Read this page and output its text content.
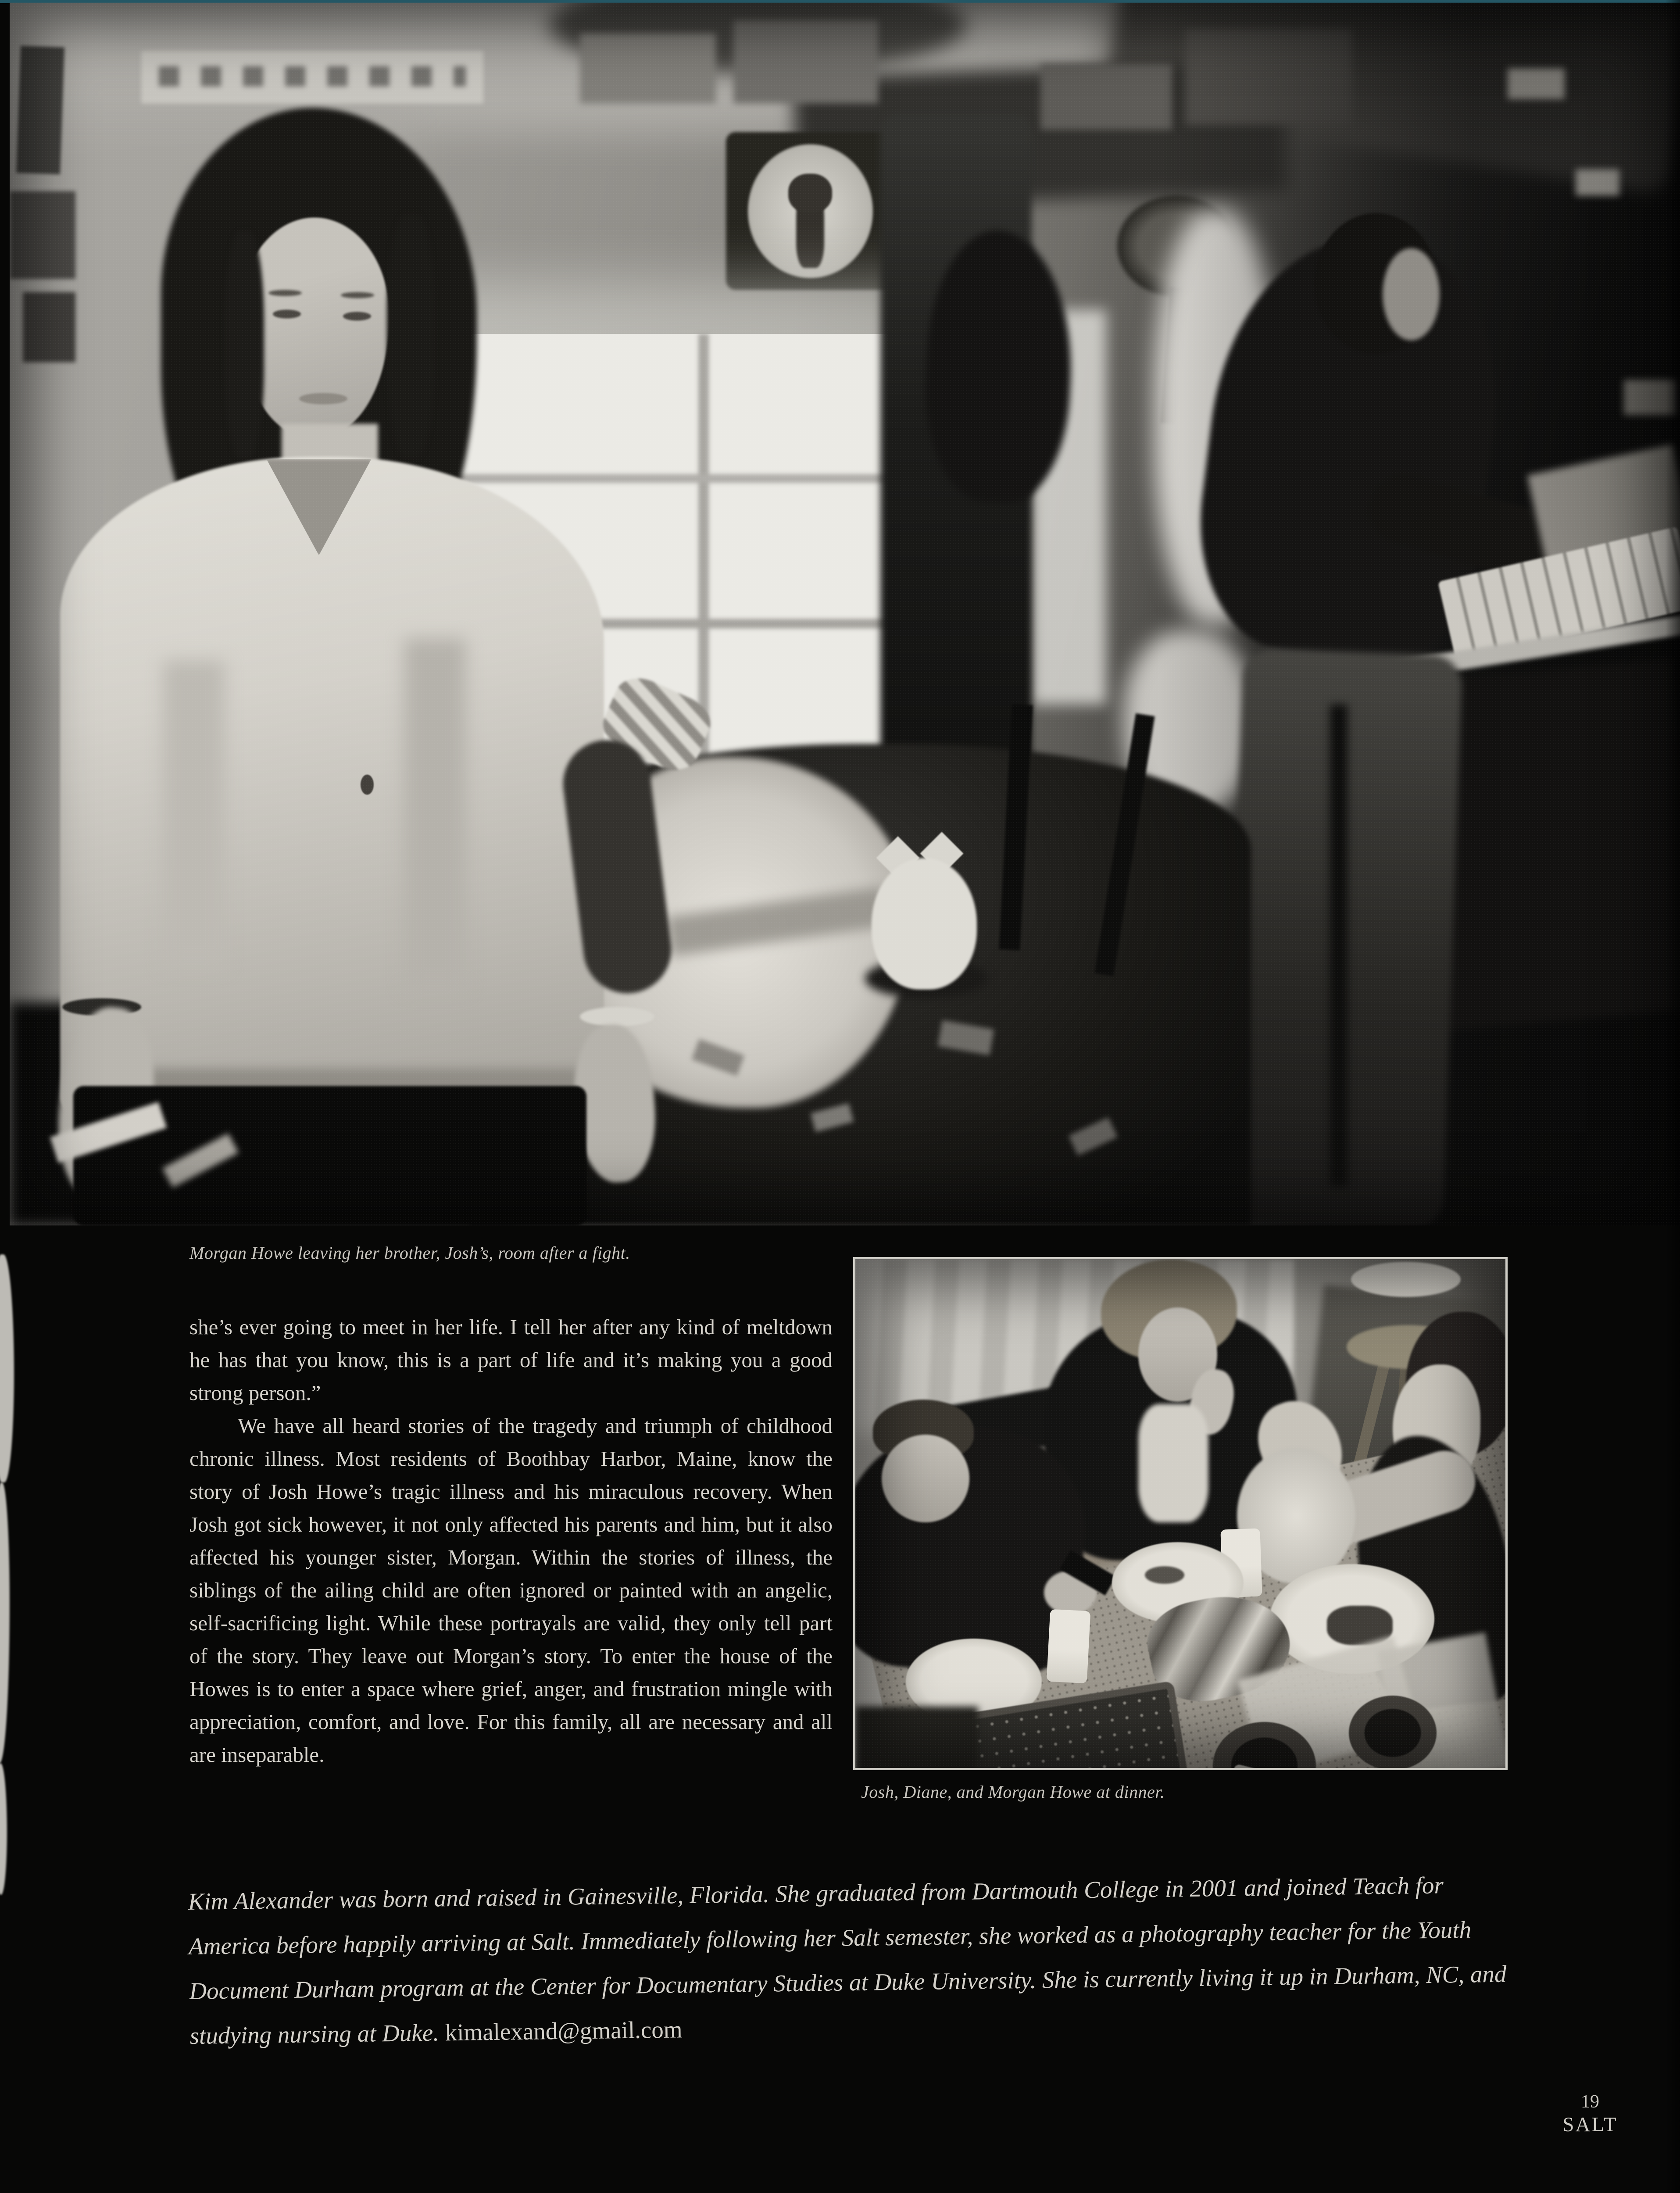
Morgan Howe leaving her brother, Josh’s, room after a fight.

she’s ever going to meet in her life. I tell her after any kind of meltdown he has that you know, this is a part of life and it’s making you a good strong person.”

We have all heard stories of the tragedy and triumph of childhood chronic illness. Most residents of Boothbay Harbor, Maine, know the story of Josh Howe’s tragic illness and his miraculous recovery. When Josh got sick however, it not only affected his parents and him, but it also affected his younger sister, Morgan. Within the stories of illness, the siblings of the ailing child are often ignored or painted with an angelic, self-sacrificing light. While these portrayals are valid, they only tell part of the story. They leave out Morgan’s story. To enter the house of the Howes is to enter a space where grief, anger, and frustration mingle with appreciation, comfort, and love. For this family, all are necessary and all are inseparable.

Josh, Diane, and Morgan Howe at dinner.

Kim Alexander was born and raised in Gainesville, Florida. She graduated from Dartmouth College in 2001 and joined Teach for America before happily arriving at Salt. Immediately following her Salt semester, she worked as a photography teacher for the Youth Document Durham program at the Center for Documentary Studies at Duke University. She is currently living it up in Durham, NC, and studying nursing at Duke. kimalexand@gmail.com

19
SALT
